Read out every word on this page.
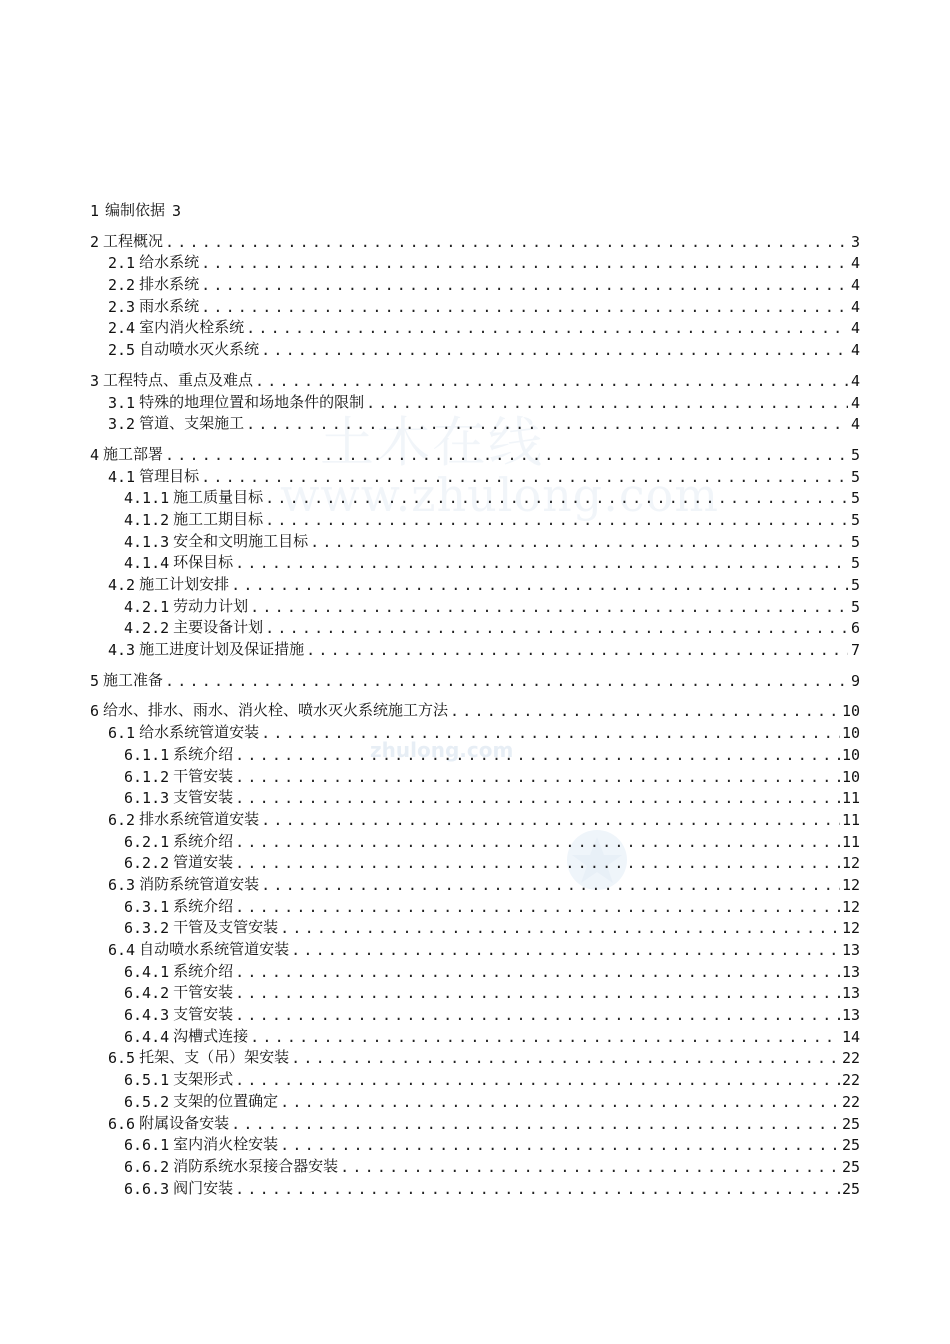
土木在线
www.zhulong.com
zhulong.com
1 编制依据 3
2 工程概况 .....	3
2.1 给水系统 .....	4
2.2 排水系统 .....	4
2.3 雨水系统 .....	4
2.4 室内消火栓系统 .....	4
2.5 自动喷水灭火系统 .....	4
3 工程特点、重点及难点 .....	4
3.1 特殊的地理位置和场地条件的限制 .....	4
3.2 管道、支架施工 .....	4
4 施工部署 .....	5
4.1 管理目标 .....	5
4.1.1 施工质量目标 .....	5
4.1.2 施工工期目标 .....	5
4.1.3 安全和文明施工目标 .....	5
4.1.4 环保目标 .....	5
4.2 施工计划安排 .....	5
4.2.1 劳动力计划 .....	5
4.2.2 主要设备计划 .....	6
4.3 施工进度计划及保证措施 .....	7
5 施工准备 .....	9
6 给水、排水、雨水、消火栓、喷水灭火系统施工方法 .....	10
6.1 给水系统管道安装 .....	10
6.1.1 系统介绍 .....	10
6.1.2 干管安装 .....	10
6.1.3 支管安装 .....	11
6.2 排水系统管道安装 .....	11
6.2.1 系统介绍 .....	11
6.2.2 管道安装 .....	12
6.3 消防系统管道安装 .....	12
6.3.1 系统介绍 .....	12
6.3.2 干管及支管安装 .....	12
6.4 自动喷水系统管道安装 .....	13
6.4.1 系统介绍 .....	13
6.4.2 干管安装 .....	13
6.4.3 支管安装 .....	13
6.4.4 沟槽式连接 .....	14
6.5 托架、支（吊）架安装 .....	22
6.5.1 支架形式 .....	22
6.5.2 支架的位置确定 .....	22
6.6 附属设备安装 .....	25
6.6.1 室内消火栓安装 .....	25
6.6.2 消防系统水泵接合器安装 .....	25
6.6.3 阀门安装 .....	25
